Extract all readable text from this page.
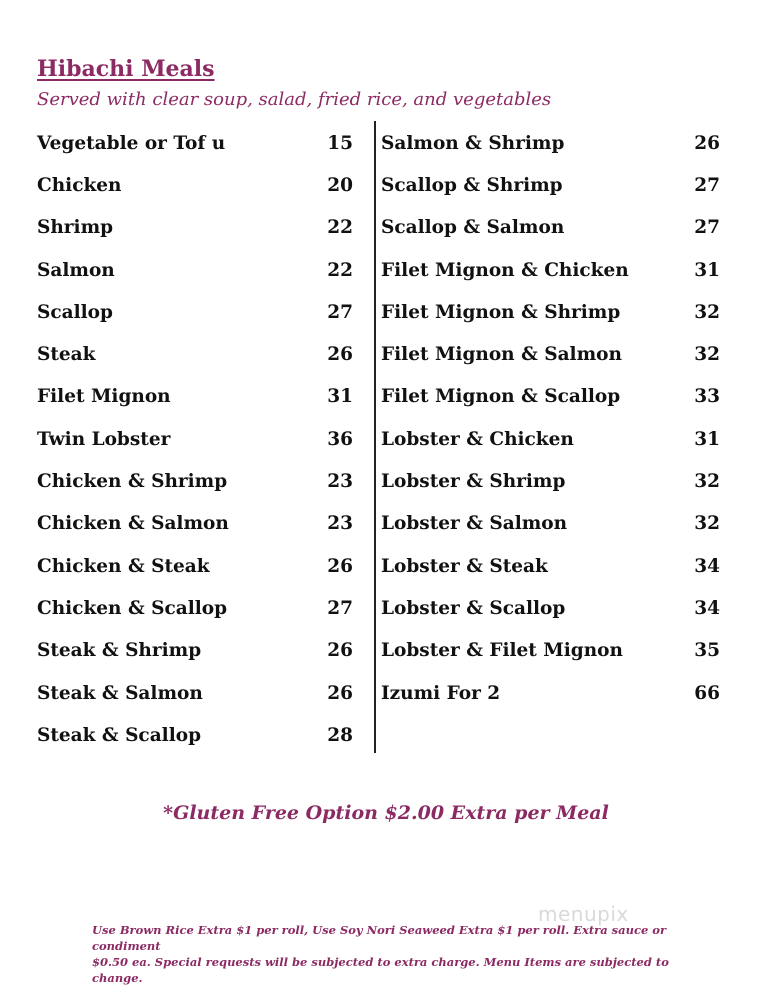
Hibachi Meals
Served with clear soup, salad, fried rice, and vegetables
Vegetable or Tof u	15
Chicken	20
Shrimp	22
Salmon	22
Scallop	27
Steak	26
Filet Mignon	31
Twin Lobster	36
Chicken & Shrimp	23
Chicken & Salmon	23
Chicken & Steak	26
Chicken & Scallop	27
Steak & Shrimp	26
Steak & Salmon	26
Steak & Scallop	28
Salmon & Shrimp	26
Scallop & Shrimp	27
Scallop & Salmon	27
Filet Mignon & Chicken	31
Filet Mignon & Shrimp	32
Filet Mignon & Salmon	32
Filet Mignon & Scallop	33
Lobster & Chicken	31
Lobster & Shrimp	32
Lobster & Salmon	32
Lobster & Steak	34
Lobster & Scallop	34
Lobster & Filet Mignon	35
Izumi For 2	66
*Gluten Free Option $2.00 Extra per Meal
Use Brown Rice Extra $1 per roll, Use Soy Nori Seaweed Extra $1 per roll. Extra sauce or condiment
$0.50 ea. Special requests will be subjected to extra charge. Menu Items are subjected to change.
menupix
